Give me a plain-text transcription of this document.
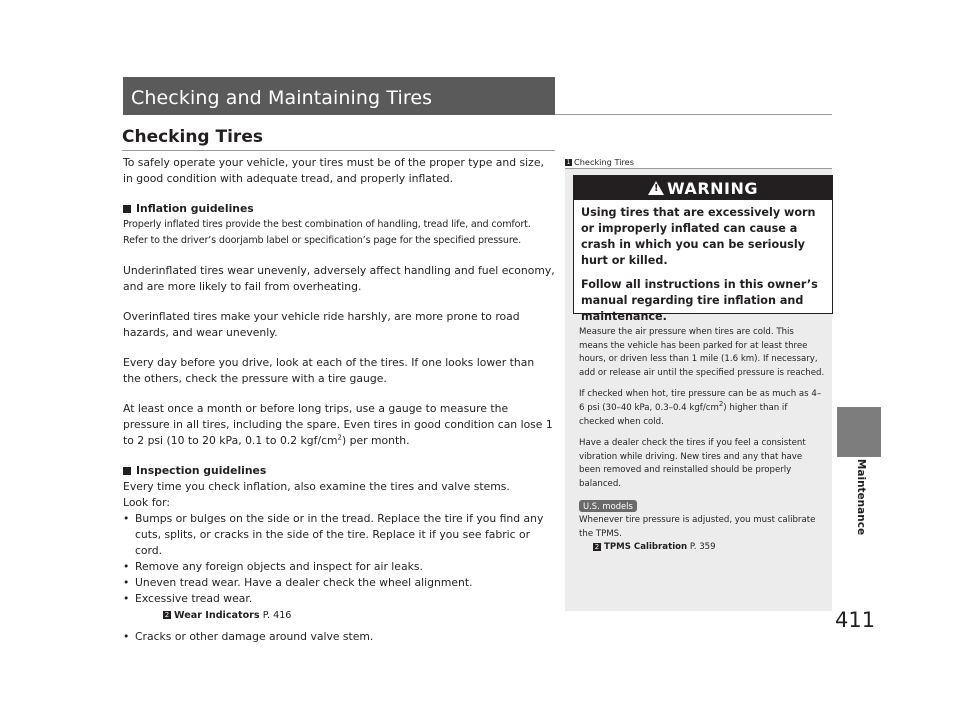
Checking and Maintaining Tires
Maintenance
411
Checking Tires

To safely operate your vehicle, your tires must be of the proper type and size, in good condition with adequate tread, and properly inflated.

Inflation guidelines
Properly inflated tires provide the best combination of handling, tread life, and comfort.

Refer to the driver’s doorjamb label or specification’s page for the specified pressure.

Underinflated tires wear unevenly, adversely affect handling and fuel economy, and are more likely to fail from overheating.

Overinflated tires make your vehicle ride harshly, are more prone to road hazards, and wear unevenly.

Every day before you drive, look at each of the tires. If one looks lower than the others, check the pressure with a tire gauge.

At least once a month or before long trips, use a gauge to measure the pressure in all tires, including the spare. Even tires in good condition can lose 1 to 2 psi (10 to 20 kPa, 0.1 to 0.2 kgf/$cm^2$) per month.

Inspection guidelines
Every time you check inflation, also examine the tires and valve stems.
Look for:
• Bumps or bulges on the side or in the tread. Replace the tire if you find any cuts, splits, or cracks in the side of the tire. Replace it if you see fabric or cord.
• Remove any foreign objects and inspect for air leaks.
• Uneven tread wear. Have a dealer check the wheel alignment.
• Excessive tread wear.
2 Wear Indicators P. 416
• Cracks or other damage around valve stem.
1 Checking Tires
!
WARNING

Using tires that are excessively worn or improperly inflated can cause a crash in which you can be seriously hurt or killed.

Follow all instructions in this owner’s manual regarding tire inflation and maintenance.

Measure the air pressure when tires are cold. This means the vehicle has been parked for at least three hours, or driven less than 1 mile (1.6 km). If necessary, add or release air until the specified pressure is reached.

If checked when hot, tire pressure can be as much as 4–6 psi (30–40 kPa, 0.3–0.4 kgf/$cm^2$) higher than if checked when cold.

Have a dealer check the tires if you feel a consistent vibration while driving. New tires and any that have been removed and reinstalled should be properly balanced.

U.S. models
Whenever tire pressure is adjusted, you must calibrate the TPMS.
2 TPMS Calibration P. 359
